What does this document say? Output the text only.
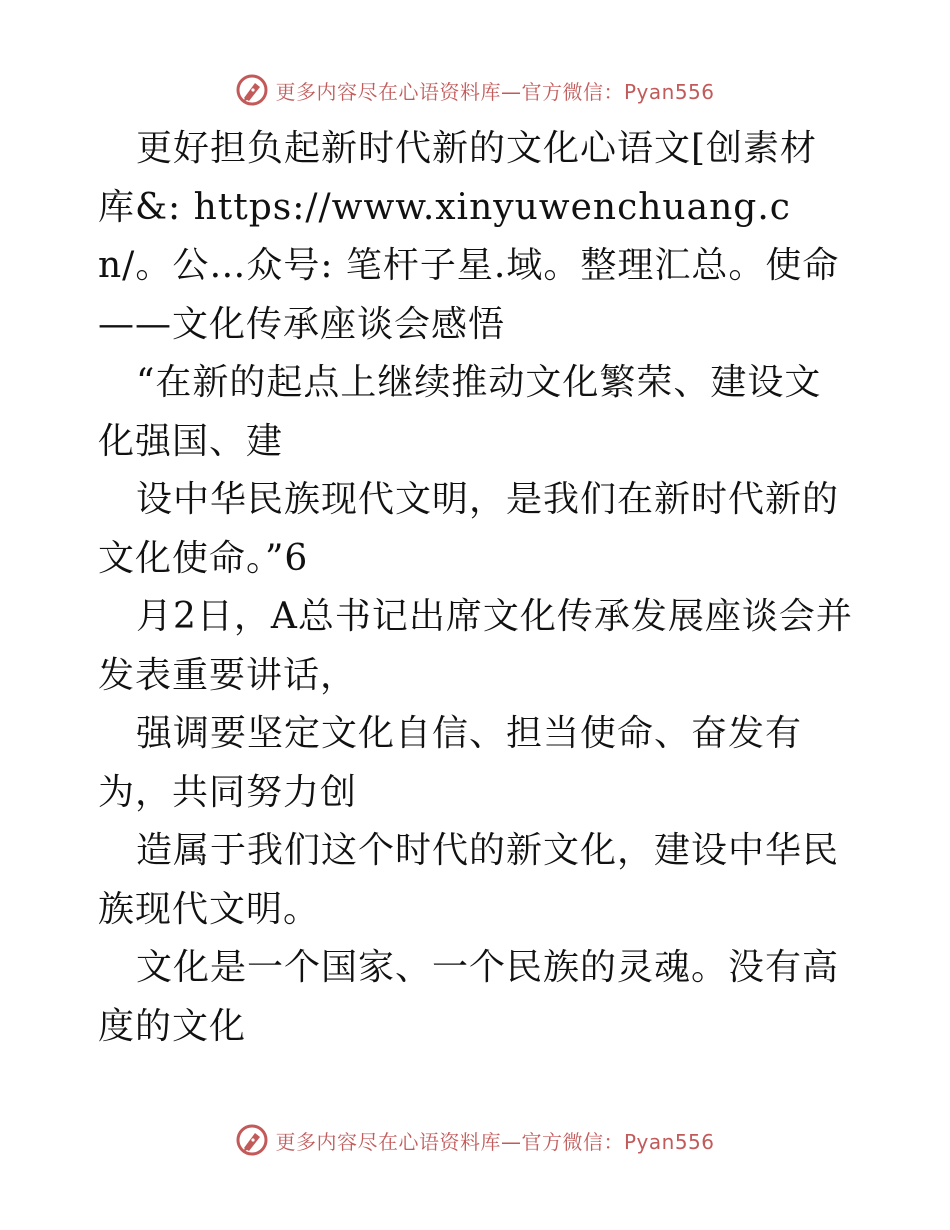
更多内容尽在心语资料库—官方微信：Pyan556

更好担负起新时代新的文化心语文[创素材库&: https://www.xinyuwenchuang.cn/。公…众号: 笔杆子星.域。整理汇总。使命——文化传承座谈会感悟

“在新的起点上继续推动文化繁荣、建设文化强国、建

设中华民族现代文明，是我们在新时代新的文化使命。”6

月2日，A总书记出席文化传承发展座谈会并发表重要讲话，

强调要坚定文化自信、担当使命、奋发有为，共同努力创

造属于我们这个时代的新文化，建设中华民族现代文明。

文化是一个国家、一个民族的灵魂。没有高度的文化

更多内容尽在心语资料库—官方微信：Pyan556
